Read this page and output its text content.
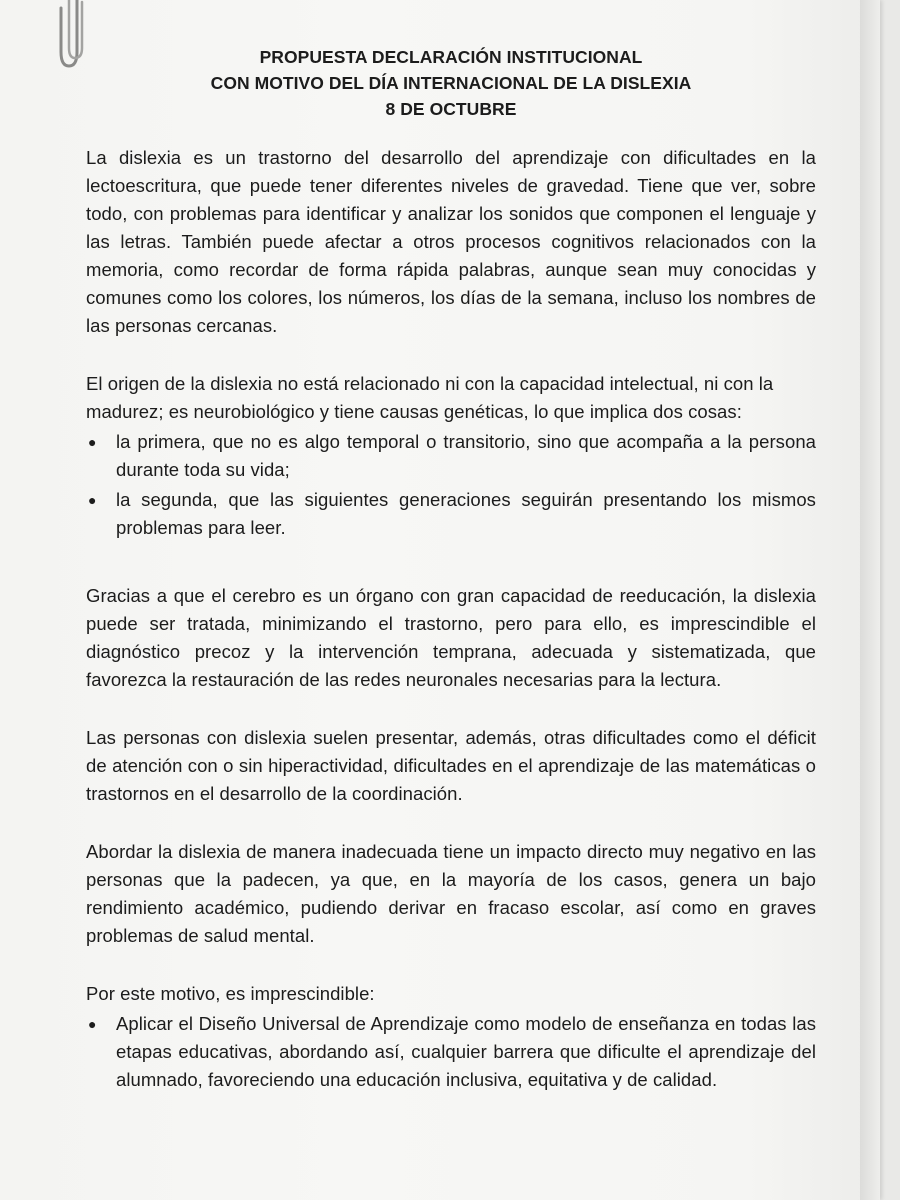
PROPUESTA DECLARACIÓN INSTITUCIONAL
CON MOTIVO DEL DÍA INTERNACIONAL DE LA DISLEXIA
8 DE OCTUBRE

La dislexia es un trastorno del desarrollo del aprendizaje con dificultades en la lectoescritura, que puede tener diferentes niveles de gravedad. Tiene que ver, sobre todo, con problemas para identificar y analizar los sonidos que componen el lenguaje y las letras. También puede afectar a otros procesos cognitivos relacionados con la memoria, como recordar de forma rápida palabras, aunque sean muy conocidas y comunes como los colores, los números, los días de la semana, incluso los nombres de las personas cercanas.

El origen de la dislexia no está relacionado ni con la capacidad intelectual, ni con la madurez; es neurobiológico y tiene causas genéticas, lo que implica dos cosas:

● la primera, que no es algo temporal o transitorio, sino que acompaña a la persona durante toda su vida;
● la segunda, que las siguientes generaciones seguirán presentando los mismos problemas para leer.

Gracias a que el cerebro es un órgano con gran capacidad de reeducación, la dislexia puede ser tratada, minimizando el trastorno, pero para ello, es imprescindible el diagnóstico precoz y la intervención temprana, adecuada y sistematizada, que favorezca la restauración de las redes neuronales necesarias para la lectura.

Las personas con dislexia suelen presentar, además, otras dificultades como el déficit de atención con o sin hiperactividad, dificultades en el aprendizaje de las matemáticas o trastornos en el desarrollo de la coordinación.

Abordar la dislexia de manera inadecuada tiene un impacto directo muy negativo en las personas que la padecen, ya que, en la mayoría de los casos, genera un bajo rendimiento académico, pudiendo derivar en fracaso escolar, así como en graves problemas de salud mental.

Por este motivo, es imprescindible:

● Aplicar el Diseño Universal de Aprendizaje como modelo de enseñanza en todas las etapas educativas, abordando así, cualquier barrera que dificulte el aprendizaje del alumnado, favoreciendo una educación inclusiva, equitativa y de calidad.
